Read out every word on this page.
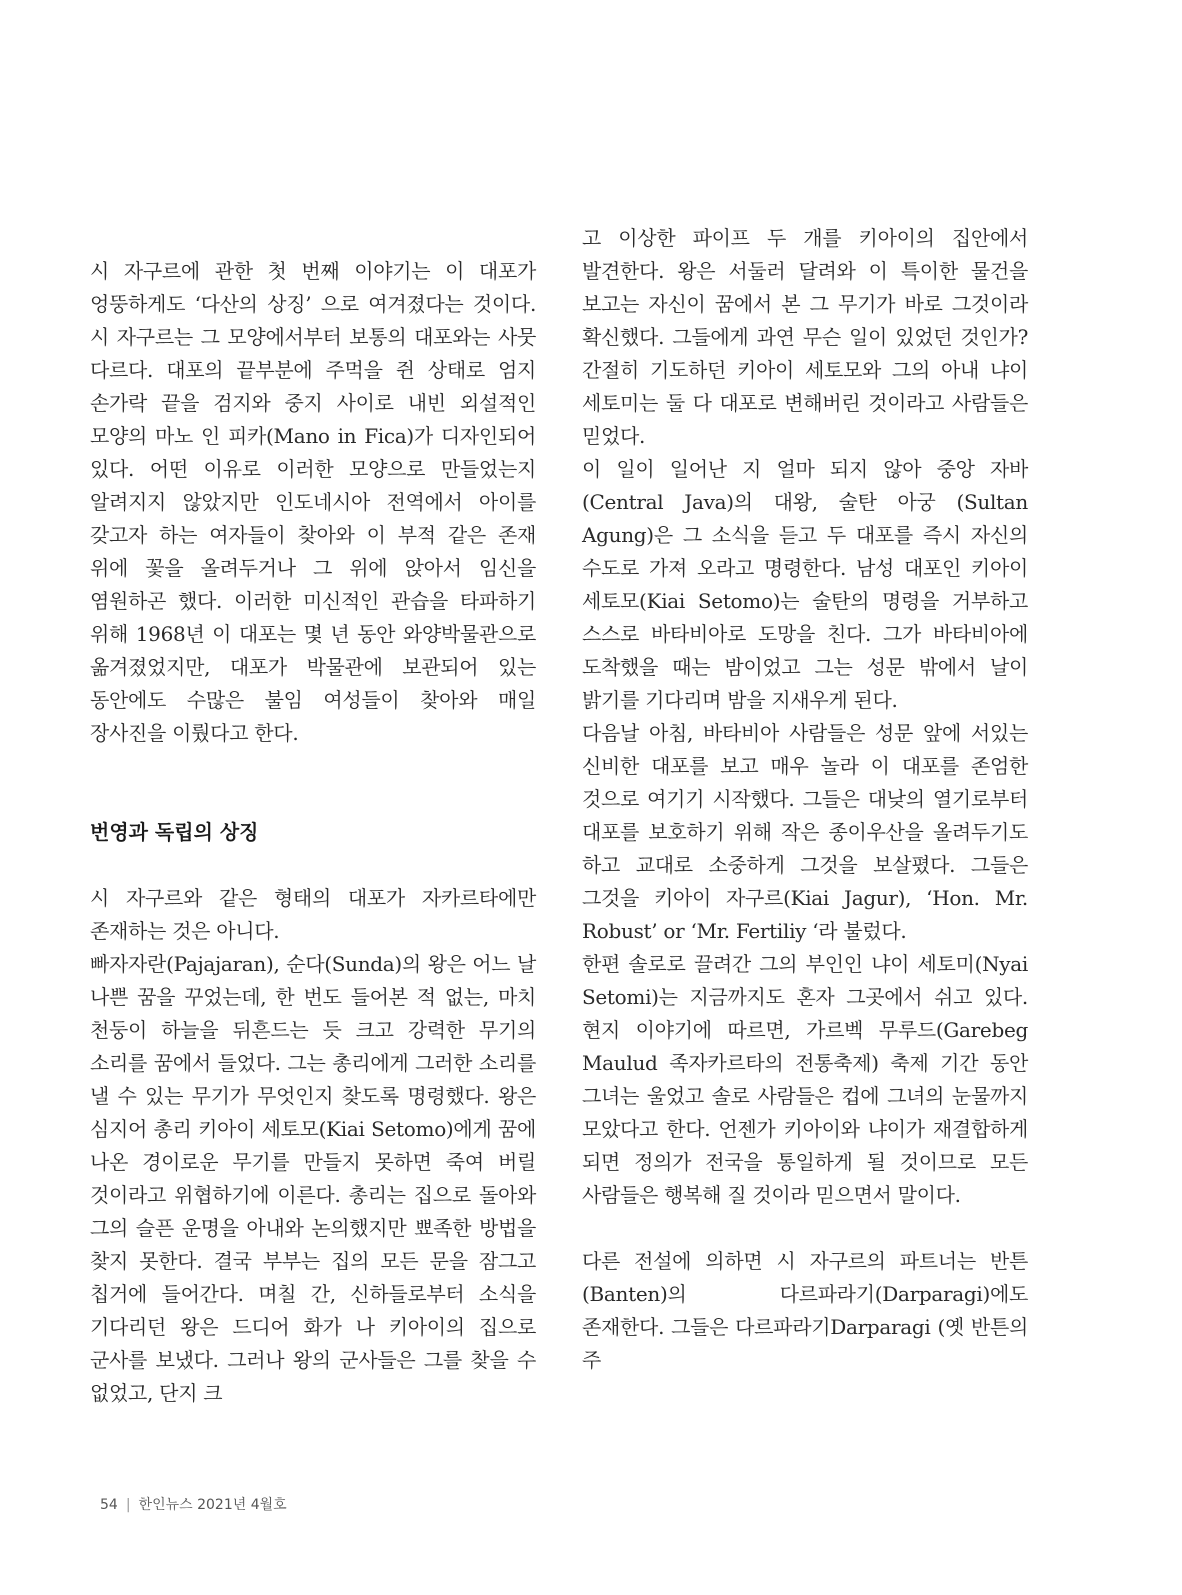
시 자구르에 관한 첫 번째 이야기는 이 대포가 엉뚱하게도 ‘다산의 상징’ 으로 여겨졌다는 것이다. 시 자구르는 그 모양에서부터 보통의 대포와는 사뭇 다르다. 대포의 끝부분에 주먹을 쥔 상태로 엄지 손가락 끝을 검지와 중지 사이로 내빈 외설적인 모양의 마노 인 피카(Mano in Fica)가 디자인되어 있다. 어떤 이유로 이러한 모양으로 만들었는지 알려지지 않았지만 인도네시아 전역에서 아이를 갖고자 하는 여자들이 찾아와 이 부적 같은 존재 위에 꽃을 올려두거나 그 위에 앉아서 임신을 염원하곤 했다. 이러한 미신적인 관습을 타파하기 위해 1968년 이 대포는 몇 년 동안 와양박물관으로 옮겨졌었지만, 대포가 박물관에 보관되어 있는 동안에도 수많은 불임 여성들이 찾아와 매일 장사진을 이뤘다고 한다.

번영과 독립의 상징

시 자구르와 같은 형태의 대포가 자카르타에만 존재하는 것은 아니다.

빠자자란(Pajajaran), 순다(Sunda)의 왕은 어느 날 나쁜 꿈을 꾸었는데, 한 번도 들어본 적 없는, 마치 천둥이 하늘을 뒤흔드는 듯 크고 강력한 무기의 소리를 꿈에서 들었다. 그는 총리에게 그러한 소리를 낼 수 있는 무기가 무엇인지 찾도록 명령했다. 왕은 심지어 총리 키아이 세토모(Kiai Setomo)에게 꿈에 나온 경이로운 무기를 만들지 못하면 죽여 버릴 것이라고 위협하기에 이른다. 총리는 집으로 돌아와 그의 슬픈 운명을 아내와 논의했지만 뾰족한 방법을 찾지 못한다. 결국 부부는 집의 모든 문을 잠그고 칩거에 들어간다. 며칠 간, 신하들로부터 소식을 기다리던 왕은 드디어 화가 나 키아이의 집으로 군사를 보냈다. 그러나 왕의 군사들은 그를 찾을 수 없었고, 단지 크

고 이상한 파이프 두 개를 키아이의 집안에서 발견한다. 왕은 서둘러 달려와 이 특이한 물건을 보고는 자신이 꿈에서 본 그 무기가 바로 그것이라 확신했다. 그들에게 과연 무슨 일이 있었던 것인가? 간절히 기도하던 키아이 세토모와 그의 아내 냐이 세토미는 둘 다 대포로 변해버린 것이라고 사람들은 믿었다.

이 일이 일어난 지 얼마 되지 않아 중앙 자바(Central Java)의 대왕, 술탄 아궁 (Sultan Agung)은 그 소식을 듣고 두 대포를 즉시 자신의 수도로 가져 오라고 명령한다. 남성 대포인 키아이 세토모(Kiai Setomo)는 술탄의 명령을 거부하고 스스로 바타비아로 도망을 친다. 그가 바타비아에 도착했을 때는 밤이었고 그는 성문 밖에서 날이 밝기를 기다리며 밤을 지새우게 된다.

다음날 아침, 바타비아 사람들은 성문 앞에 서있는 신비한 대포를 보고 매우 놀라 이 대포를 존엄한 것으로 여기기 시작했다. 그들은 대낮의 열기로부터 대포를 보호하기 위해 작은 종이우산을 올려두기도 하고 교대로 소중하게 그것을 보살폈다. 그들은 그것을 키아이 자구르(Kiai Jagur), ‘Hon. Mr. Robust’ or ‘Mr. Fertiliy ‘라 불렀다.

한편 솔로로 끌려간 그의 부인인 냐이 세토미(Nyai Setomi)는 지금까지도 혼자 그곳에서 쉬고 있다. 현지 이야기에 따르면, 가르벡 무루드(Garebeg Maulud 족자카르타의 전통축제) 축제 기간 동안 그녀는 울었고 솔로 사람들은 컵에 그녀의 눈물까지 모았다고 한다. 언젠가 키아이와 냐이가 재결합하게 되면 정의가 전국을 통일하게 될 것이므로 모든 사람들은 행복해 질 것이라 믿으면서 말이다.

다른 전설에 의하면 시 자구르의 파트너는 반튼(Banten)의 다르파라기(Darparagi)에도 존재한다. 그들은 다르파라기Darparagi (옛 반튼의 주

54 | 한인뉴스 2021년 4월호
